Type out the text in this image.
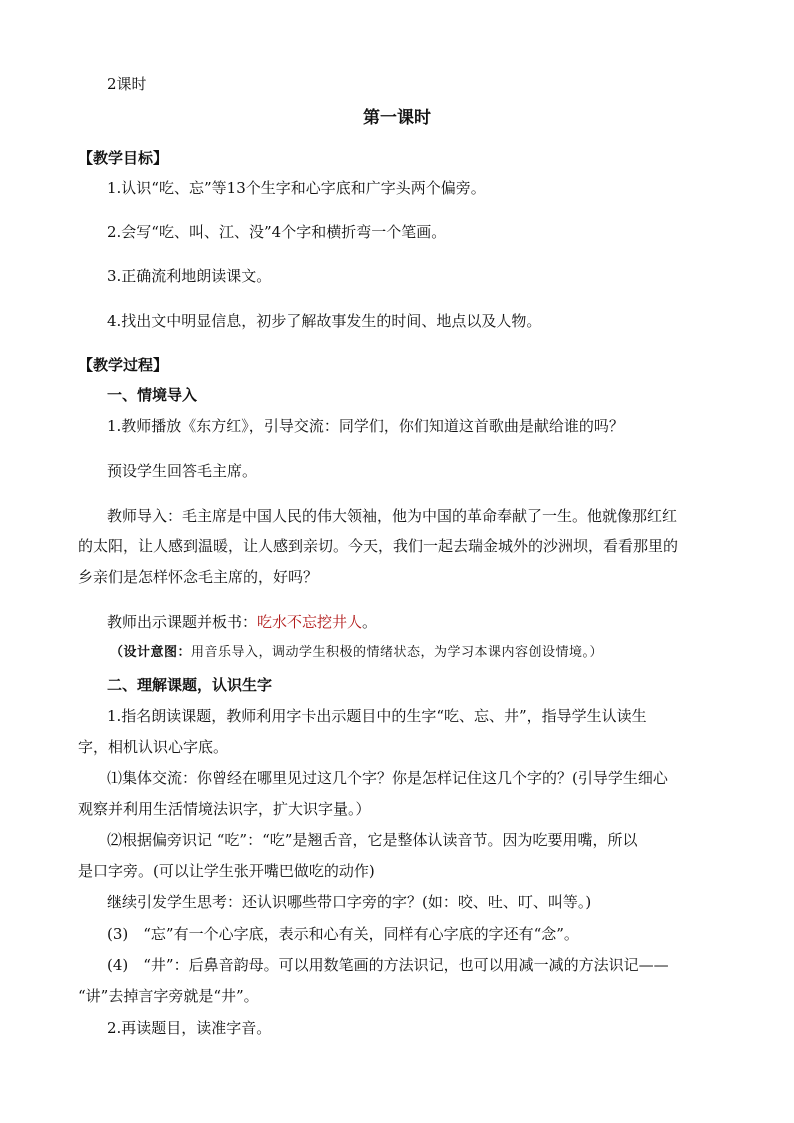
2课时
第一课时
【教学目标】
1.认识“吃、忘”等13个生字和心字底和广字头两个偏旁。
2.会写“吃、叫、江、没”4个字和横折弯一个笔画。
3.正确流利地朗读课文。
4.找出文中明显信息，初步了解故事发生的时间、地点以及人物。
【教学过程】
一、情境导入
1.教师播放《东方红》，引导交流：同学们，你们知道这首歌曲是献给谁的吗？
预设学生回答毛主席。
教师导入：毛主席是中国人民的伟大领袖，他为中国的革命奉献了一生。他就像那红红
的太阳，让人感到温暖，让人感到亲切。今天，我们一起去瑞金城外的沙洲坝，看看那里的
乡亲们是怎样怀念毛主席的，好吗？
教师出示课题并板书：吃水不忘挖井人。
（设计意图：用音乐导入，调动学生积极的情绪状态，为学习本课内容创设情境。）
二、理解课题，认识生字
1.指名朗读课题，教师利用字卡出示题目中的生字“吃、忘、井”，指导学生认读生
字，相机认识心字底。
⑴集体交流：你曾经在哪里见过这几个字？你是怎样记住这几个字的？(引导学生细心
观察并利用生活情境法识字，扩大识字量。）
⑵根据偏旁识记 “吃”：“吃”是翘舌音，它是整体认读音节。因为吃要用嘴，所以
是口字旁。(可以让学生张开嘴巴做吃的动作)
继续引发学生思考：还认识哪些带口字旁的字？(如：咬、吐、叮、叫等。)
(3)　“忘”有一个心字底，表示和心有关，同样有心字底的字还有“念”。
(4)　“井”：后鼻音韵母。可以用数笔画的方法识记，也可以用减一减的方法识记——
“讲”去掉言字旁就是“井”。
2.再读题目，读准字音。
